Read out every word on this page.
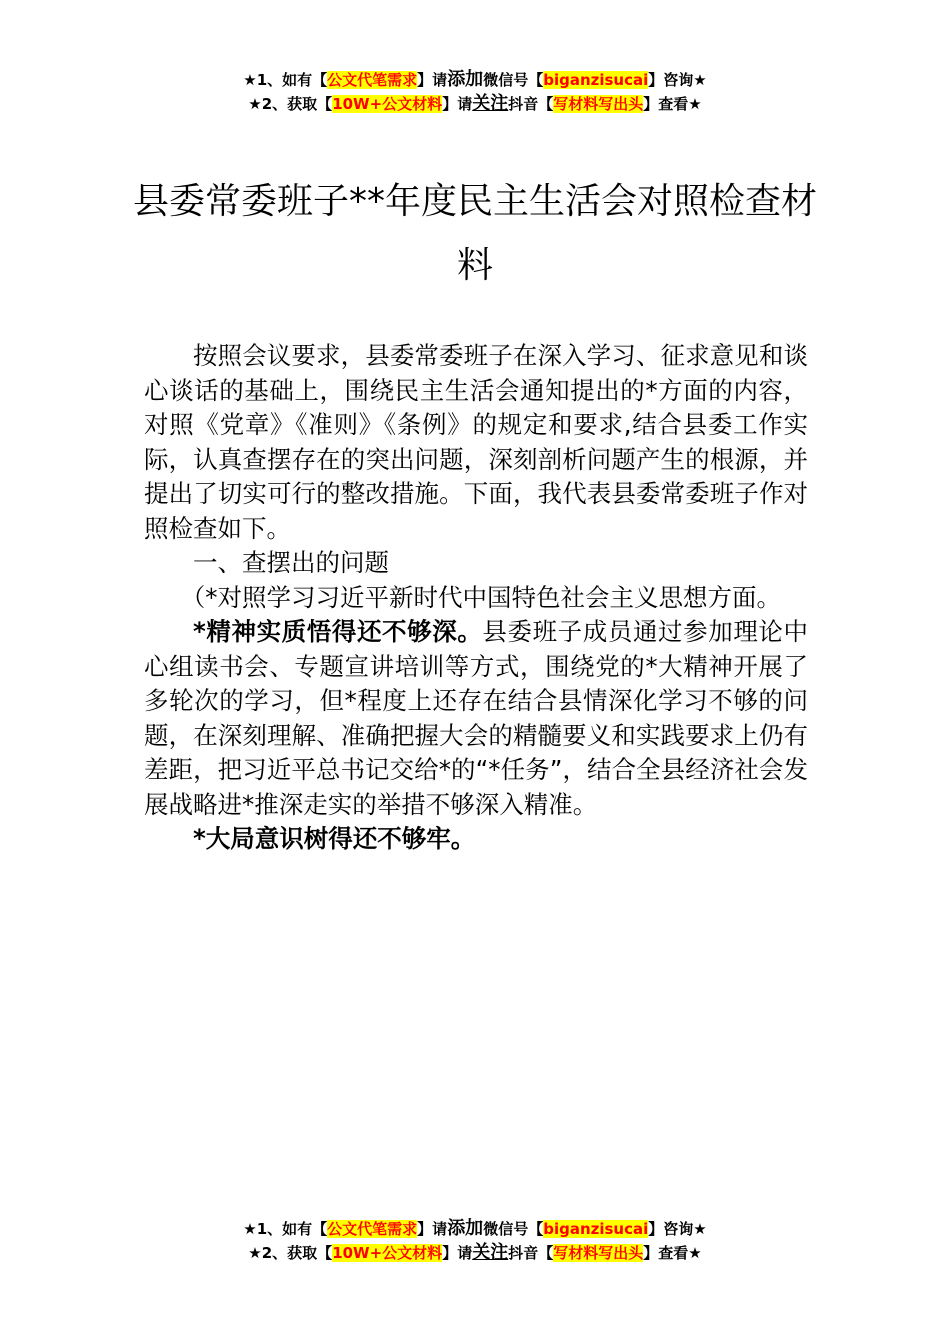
★1、如有【公文代笔需求】请添加微信号【biganzisucai】咨询★
★2、获取【10W+公文材料】请关注抖音【写材料写出头】查看★
县委常委班子**年度民主生活会对照检查材料

按照会议要求，县委常委班子在深入学习、征求意见和谈心谈话的基础上，围绕民主生活会通知提出的*方面的内容，对照《党章》《准则》《条例》的规定和要求,结合县委工作实际，认真查摆存在的突出问题，深刻剖析问题产生的根源，并提出了切实可行的整改措施。下面，我代表县委常委班子作对照检查如下。

一、查摆出的问题

（*对照学习习近平新时代中国特色社会主义思想方面。

*精神实质悟得还不够深。县委班子成员通过参加理论中心组读书会、专题宣讲培训等方式，围绕党的*大精神开展了多轮次的学习，但*程度上还存在结合县情深化学习不够的问题，在深刻理解、准确把握大会的精髓要义和实践要求上仍有差距，把习近平总书记交给*的“*任务”，结合全县经济社会发展战略进*推深走实的举措不够深入精准。

*大局意识树得还不够牢。

★1、如有【公文代笔需求】请添加微信号【biganzisucai】咨询★
★2、获取【10W+公文材料】请关注抖音【写材料写出头】查看★
